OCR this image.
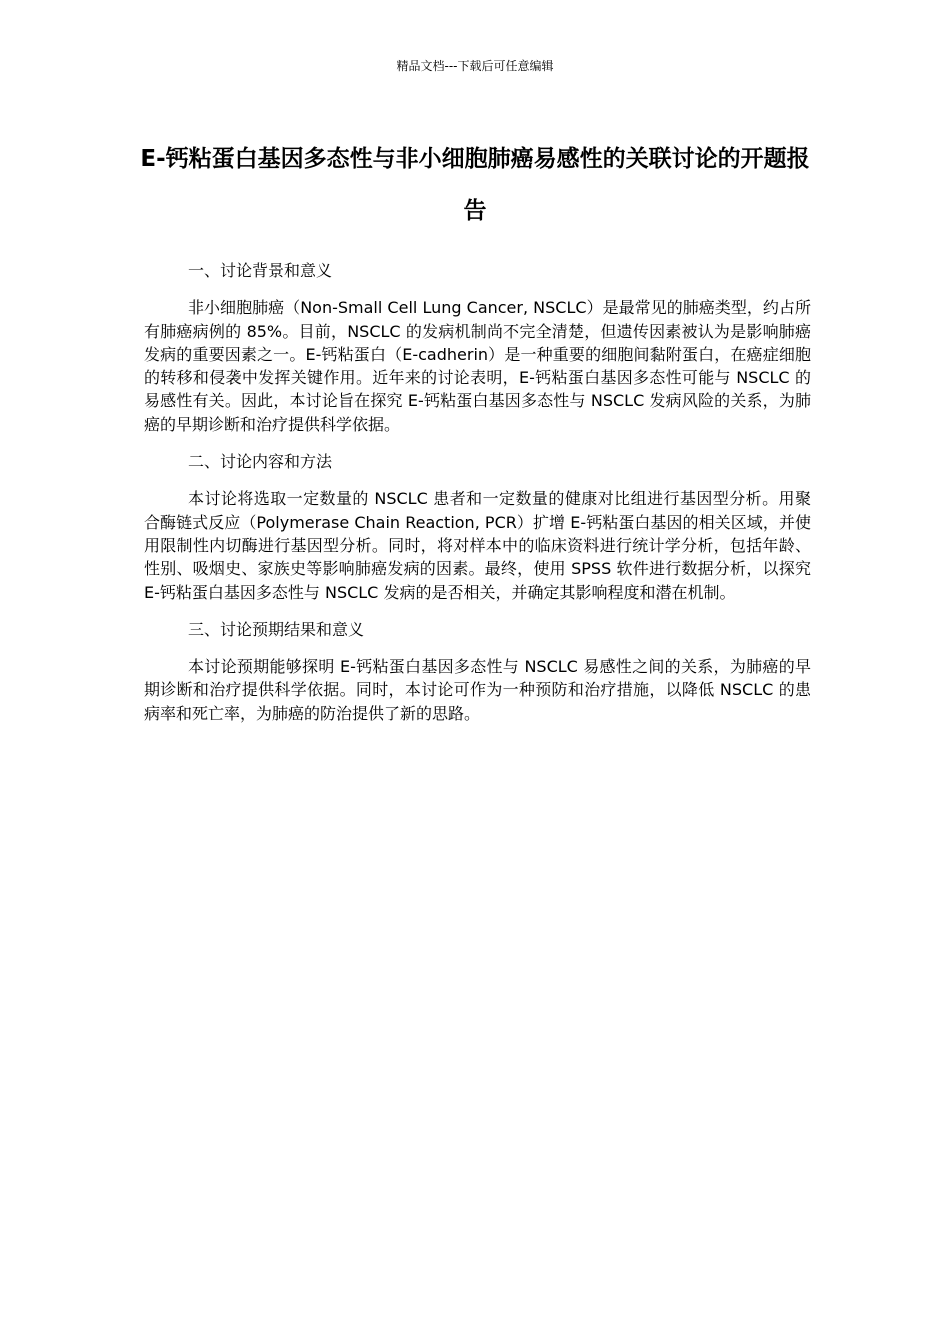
精品文档---下载后可任意编辑
E-钙粘蛋白基因多态性与非小细胞肺癌易感性的关联讨论的开题报告

一、讨论背景和意义

非小细胞肺癌（Non-Small Cell Lung Cancer, NSCLC）是最常见的肺癌类型，约占所有肺癌病例的 85%。目前，NSCLC 的发病机制尚不完全清楚，但遗传因素被认为是影响肺癌发病的重要因素之一。E-钙粘蛋白（E-cadherin）是一种重要的细胞间黏附蛋白，在癌症细胞的转移和侵袭中发挥关键作用。近年来的讨论表明，E-钙粘蛋白基因多态性可能与 NSCLC 的易感性有关。因此，本讨论旨在探究 E-钙粘蛋白基因多态性与 NSCLC 发病风险的关系，为肺癌的早期诊断和治疗提供科学依据。

二、讨论内容和方法

本讨论将选取一定数量的 NSCLC 患者和一定数量的健康对比组进行基因型分析。用聚合酶链式反应（Polymerase Chain Reaction, PCR）扩增 E-钙粘蛋白基因的相关区域，并使用限制性内切酶进行基因型分析。同时，将对样本中的临床资料进行统计学分析，包括年龄、性别、吸烟史、家族史等影响肺癌发病的因素。最终，使用 SPSS 软件进行数据分析，以探究 E-钙粘蛋白基因多态性与 NSCLC 发病的是否相关，并确定其影响程度和潜在机制。

三、讨论预期结果和意义

本讨论预期能够探明 E-钙粘蛋白基因多态性与 NSCLC 易感性之间的关系，为肺癌的早期诊断和治疗提供科学依据。同时，本讨论可作为一种预防和治疗措施，以降低 NSCLC 的患病率和死亡率，为肺癌的防治提供了新的思路。
